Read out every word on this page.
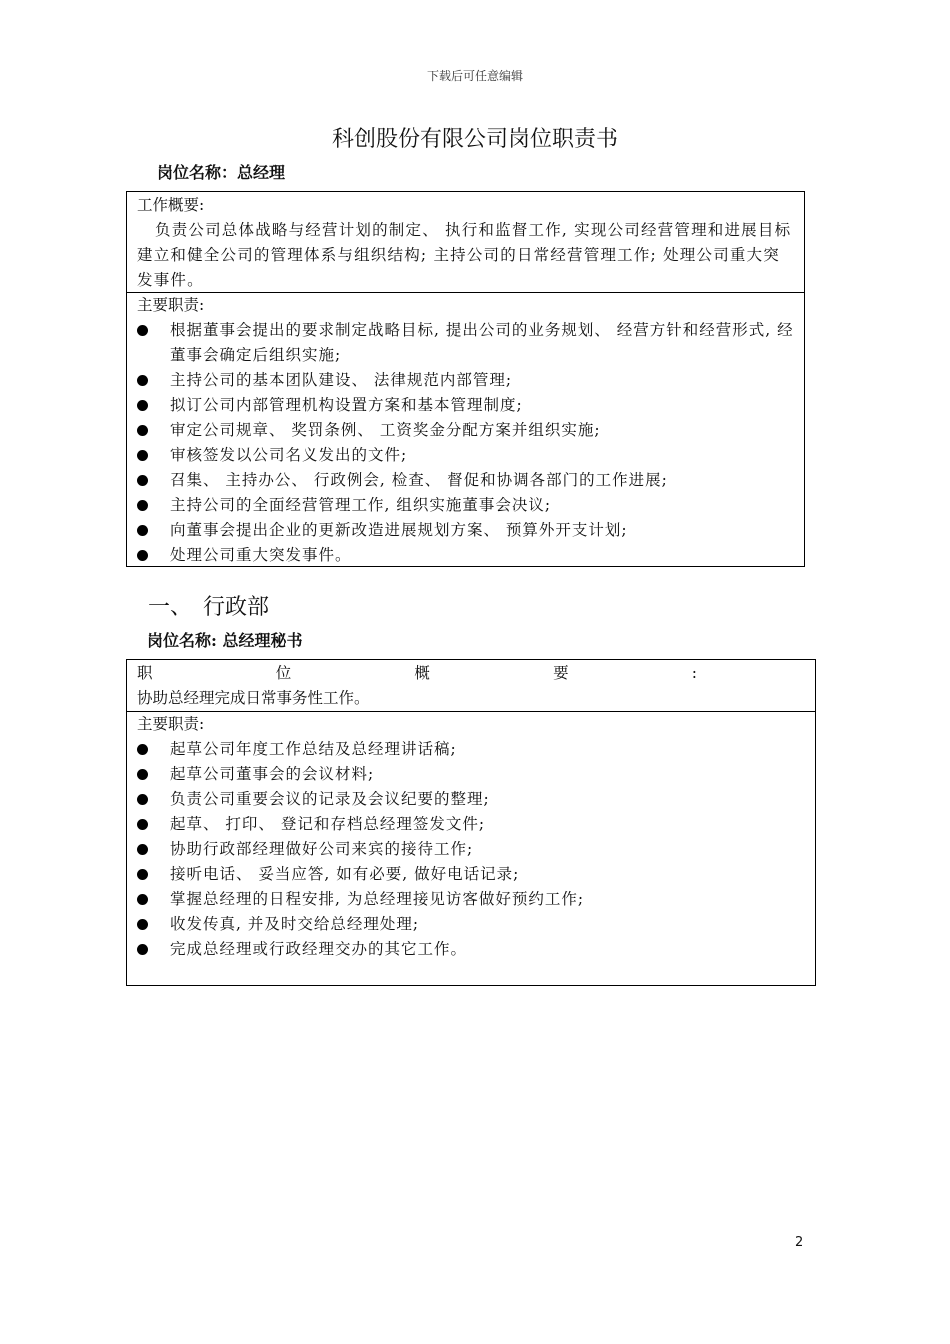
下载后可任意编辑
科创股份有限公司岗位职责书
岗位名称：总经理
工作概要:
负责公司总体战略与经营计划的制定、 执行和监督工作, 实现公司经营管理和进展目标建立和健全公司的管理体系与组织结构; 主持公司的日常经营管理工作; 处理公司重大突发事件。
主要职责:
根据董事会提出的要求制定战略目标, 提出公司的业务规划、 经营方针和经营形式, 经董事会确定后组织实施;
主持公司的基本团队建设、 法律规范内部管理;
拟订公司内部管理机构设置方案和基本管理制度;
审定公司规章、 奖罚条例、 工资奖金分配方案并组织实施;
审核签发以公司名义发出的文件;
召集、 主持办公、 行政例会, 检查、 督促和协调各部门的工作进展;
主持公司的全面经营管理工作, 组织实施董事会决议;
向董事会提出企业的更新改造进展规划方案、 预算外开支计划;
处理公司重大突发事件。
一、 行政部
岗位名称: 总经理秘书
职	位	概	要	:
协助总经理完成日常事务性工作。
主要职责:
起草公司年度工作总结及总经理讲话稿;
起草公司董事会的会议材料;
负责公司重要会议的记录及会议纪要的整理;
起草、 打印、 登记和存档总经理签发文件;
协助行政部经理做好公司来宾的接待工作;
接听电话、 妥当应答, 如有必要, 做好电话记录;
掌握总经理的日程安排, 为总经理接见访客做好预约工作;
收发传真, 并及时交给总经理处理;
完成总经理或行政经理交办的其它工作。
2
